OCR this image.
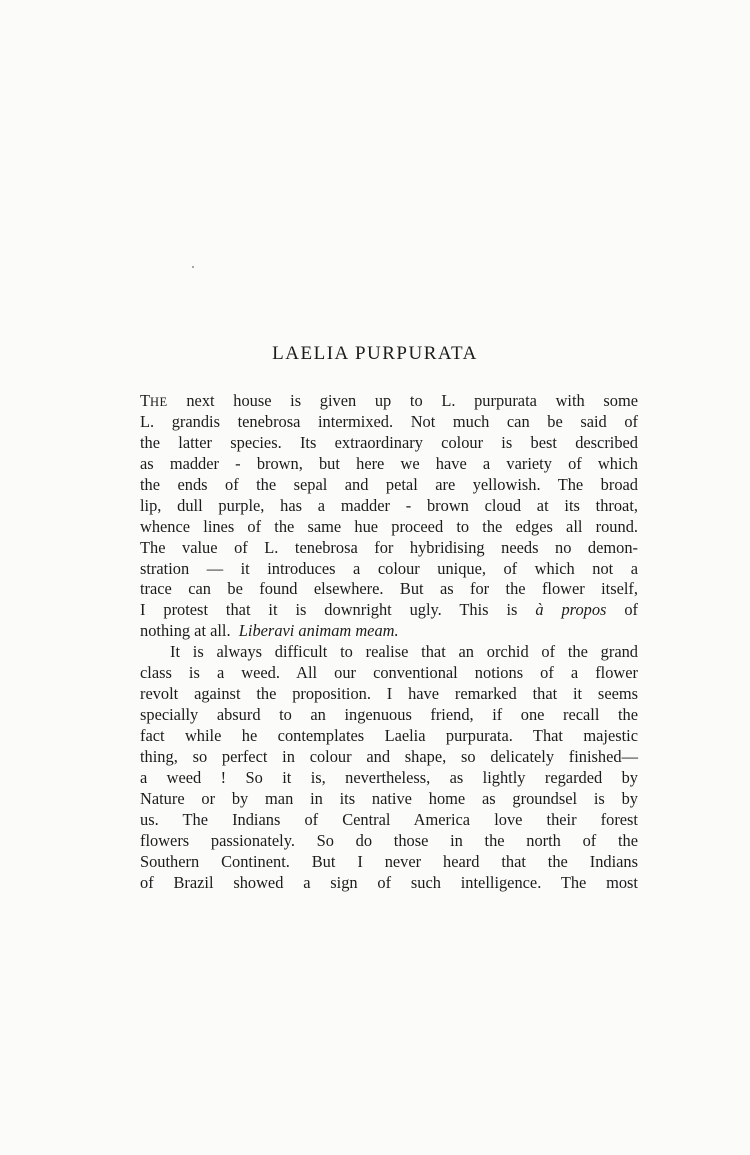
LAELIA PURPURATA
THE next house is given up to L. purpurata with some
L. grandis tenebrosa intermixed. Not much can be said of
the latter species. Its extraordinary colour is best described
as madder - brown, but here we have a variety of which
the ends of the sepal and petal are yellowish. The broad
lip, dull purple, has a madder - brown cloud at its throat,
whence lines of the same hue proceed to the edges all round.
The value of L. tenebrosa for hybridising needs no demon-
stration — it introduces a colour unique, of which not a
trace can be found elsewhere. But as for the flower itself,
I protest that it is downright ugly. This is à propos of
nothing at all. Liberavi animam meam.
It is always difficult to realise that an orchid of the grand
class is a weed. All our conventional notions of a flower
revolt against the proposition. I have remarked that it seems
specially absurd to an ingenuous friend, if one recall the
fact while he contemplates Laelia purpurata. That majestic
thing, so perfect in colour and shape, so delicately finished—
a weed ! So it is, nevertheless, as lightly regarded by
Nature or by man in its native home as groundsel is by
us. The Indians of Central America love their forest
flowers passionately. So do those in the north of the
Southern Continent. But I never heard that the Indians
of Brazil showed a sign of such intelligence. The most
